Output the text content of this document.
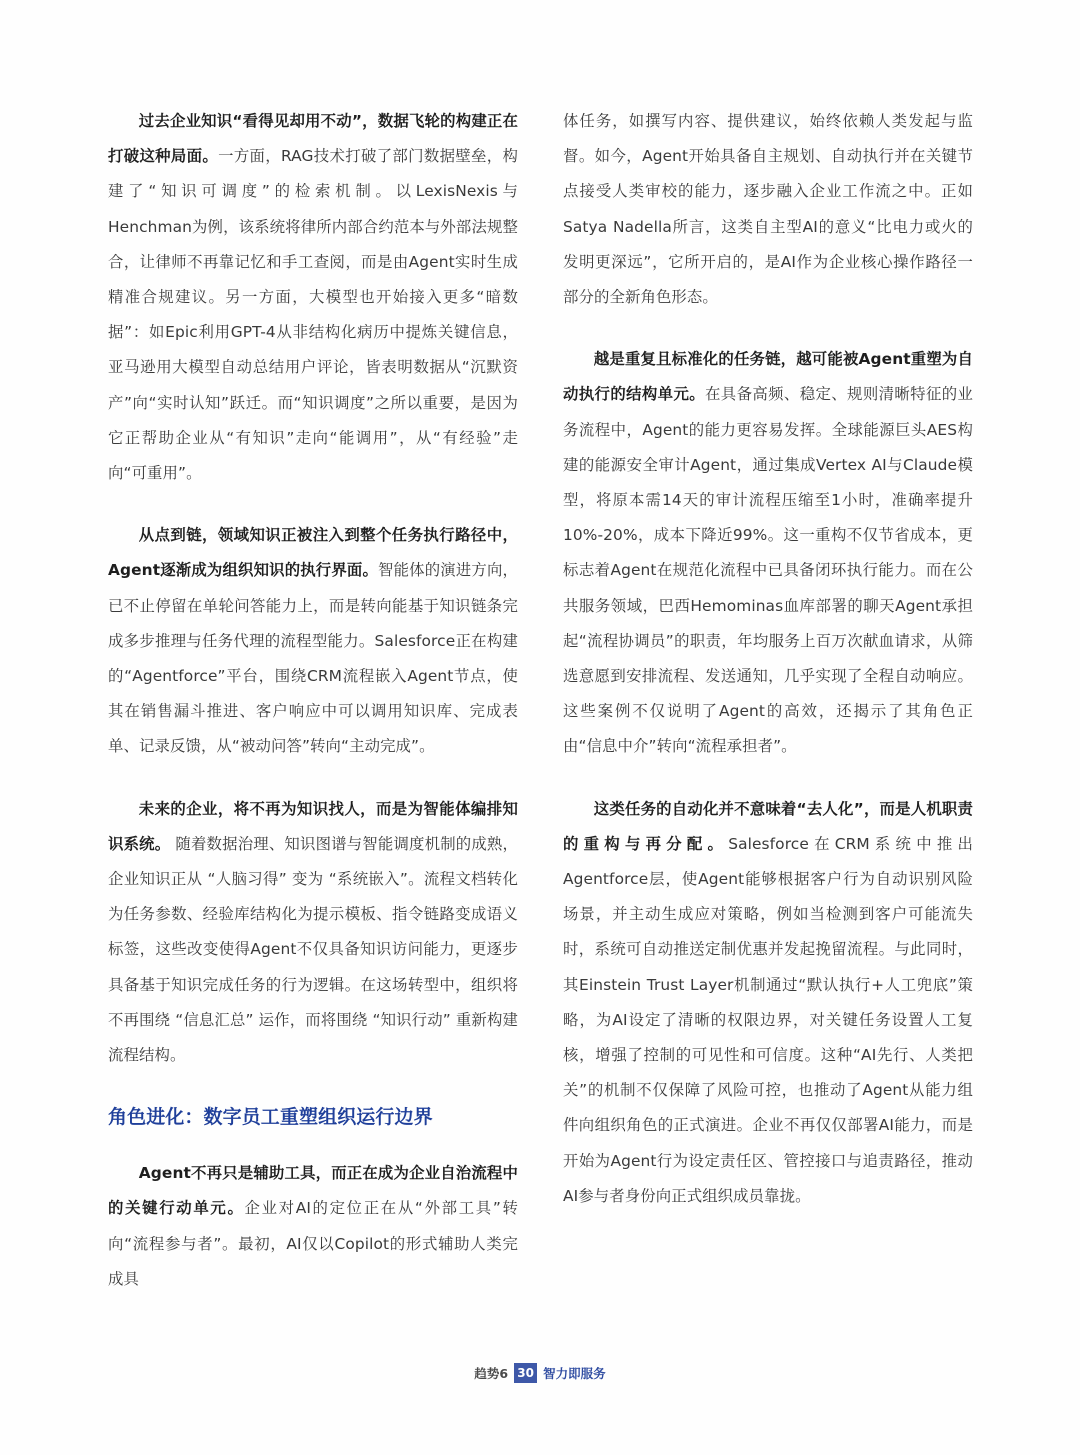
过去企业知识“看得见却用不动”，数据飞轮的构建正在打破这种局面。一方面，RAG技术打破了部门数据壁垒，构建了“知识可调度”的检索机制。以LexisNexis与Henchman为例，该系统将律所内部合约范本与外部法规整合，让律师不再靠记忆和手工查阅，而是由Agent实时生成精准合规建议。另一方面，大模型也开始接入更多“暗数据”：如Epic利用GPT-4从非结构化病历中提炼关键信息，亚马逊用大模型自动总结用户评论，皆表明数据从“沉默资产”向“实时认知”跃迁。而“知识调度”之所以重要，是因为它正帮助企业从“有知识”走向“能调用”，从“有经验”走向“可重用”。

从点到链，领域知识正被注入到整个任务执行路径中，Agent逐渐成为组织知识的执行界面。智能体的演进方向，已不止停留在单轮问答能力上，而是转向能基于知识链条完成多步推理与任务代理的流程型能力。Salesforce正在构建的“Agentforce”平台，围绕CRM流程嵌入Agent节点，使其在销售漏斗推进、客户响应中可以调用知识库、完成表单、记录反馈，从“被动问答”转向“主动完成”。

未来的企业，将不再为知识找人，而是为智能体编排知识系统。 随着数据治理、知识图谱与智能调度机制的成熟，企业知识正从 “人脑习得” 变为 “系统嵌入”。流程文档转化为任务参数、经验库结构化为提示模板、指令链路变成语义标签，这些改变使得Agent不仅具备知识访问能力，更逐步具备基于知识完成任务的行为逻辑。在这场转型中，组织将不再围绕 “信息汇总” 运作，而将围绕 “知识行动” 重新构建流程结构。

角色进化：数字员工重塑组织运行边界

Agent不再只是辅助工具，而正在成为企业自治流程中的关键行动单元。企业对AI的定位正在从“外部工具”转向“流程参与者”。最初，AI仅以Copilot的形式辅助人类完成具

体任务，如撰写内容、提供建议，始终依赖人类发起与监督。如今，Agent开始具备自主规划、自动执行并在关键节点接受人类审校的能力，逐步融入企业工作流之中。正如Satya Nadella所言，这类自主型AI的意义“比电力或火的发明更深远”，它所开启的，是AI作为企业核心操作路径一部分的全新角色形态。

越是重复且标准化的任务链，越可能被Agent重塑为自动执行的结构单元。在具备高频、稳定、规则清晰特征的业务流程中，Agent的能力更容易发挥。全球能源巨头AES构建的能源安全审计Agent，通过集成Vertex AI与Claude模型，将原本需14天的审计流程压缩至1小时，准确率提升10%-20%，成本下降近99%。这一重构不仅节省成本，更标志着Agent在规范化流程中已具备闭环执行能力。而在公共服务领域，巴西Hemominas血库部署的聊天Agent承担起“流程协调员”的职责，年均服务上百万次献血请求，从筛选意愿到安排流程、发送通知，几乎实现了全程自动响应。这些案例不仅说明了Agent的高效，还揭示了其角色正由“信息中介”转向“流程承担者”。

这类任务的自动化并不意味着“去人化”，而是人机职责的重构与再分配。Salesforce在CRM系统中推出Agentforce层，使Agent能够根据客户行为自动识别风险场景，并主动生成应对策略，例如当检测到客户可能流失时，系统可自动推送定制优惠并发起挽留流程。与此同时，其Einstein Trust Layer机制通过“默认执行+人工兜底”策略，为AI设定了清晰的权限边界，对关键任务设置人工复核，增强了控制的可见性和可信度。这种“AI先行、人类把关”的机制不仅保障了风险可控，也推动了Agent从能力组件向组织角色的正式演进。企业不再仅仅部署AI能力，而是开始为Agent行为设定责任区、管控接口与追责路径，推动AI参与者身份向正式组织成员靠拢。

趋势6 30 智力即服务
